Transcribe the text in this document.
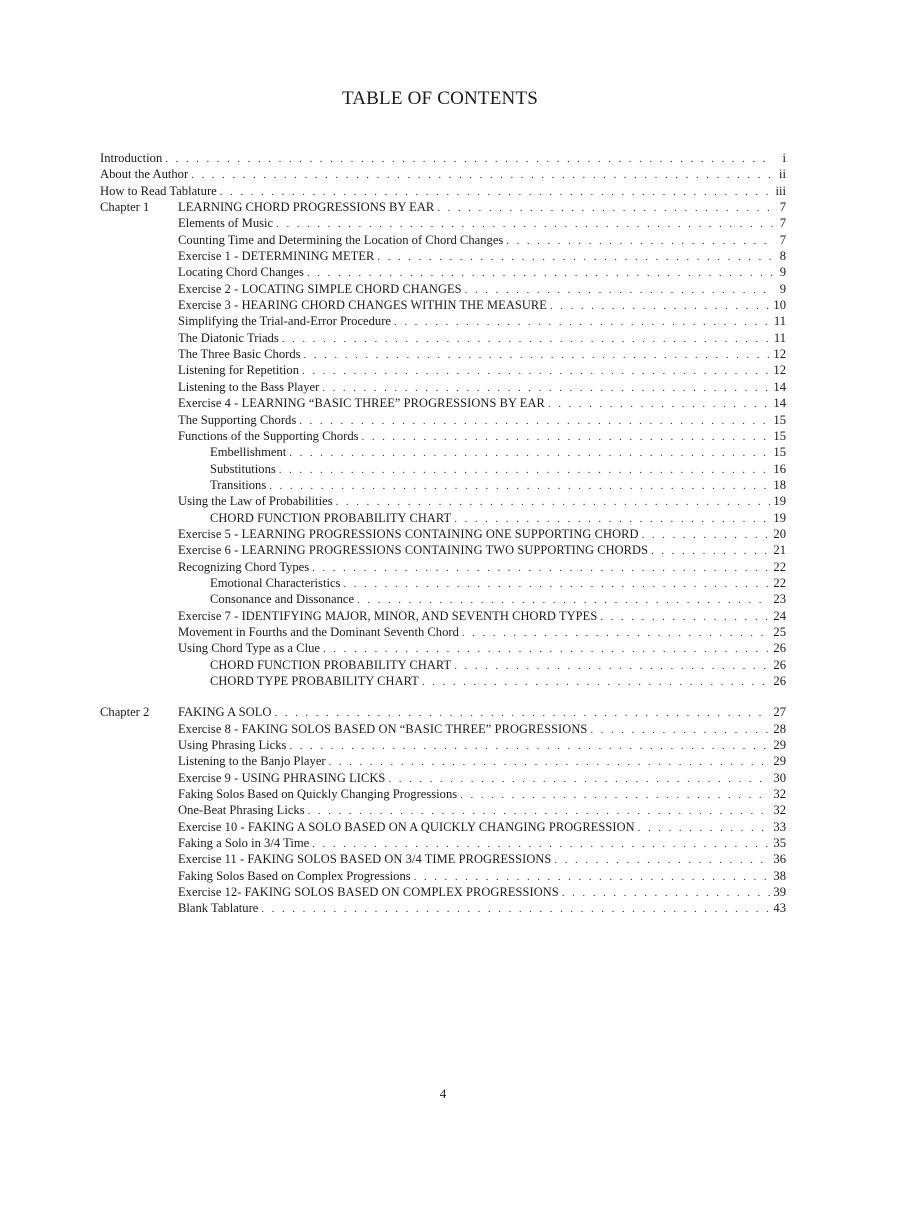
TABLE OF CONTENTS
Introduction . . .	i
About the Author . . .	ii
How to Read Tablature . . .	iii
Chapter 1	LEARNING CHORD PROGRESSIONS BY EAR . . .	7
Elements of Music . . .	7
Counting Time and Determining the Location of Chord Changes . . .	7
Exercise 1 - DETERMINING METER . . .	8
Locating Chord Changes . . .	9
Exercise 2 - LOCATING SIMPLE CHORD CHANGES . . .	9
Exercise 3 - HEARING CHORD CHANGES WITHIN THE MEASURE . . .	10
Simplifying the Trial-and-Error Procedure . . .	11
The Diatonic Triads . . .	11
The Three Basic Chords . . .	12
Listening for Repetition . . .	12
Listening to the Bass Player . . .	14
Exercise 4 - LEARNING “BASIC THREE” PROGRESSIONS BY EAR . . .	14
The Supporting Chords . . .	15
Functions of the Supporting Chords . . .	15
Embellishment . . .	15
Substitutions . . .	16
Transitions . . .	18
Using the Law of Probabilities . . .	19
CHORD FUNCTION PROBABILITY CHART . . .	19
Exercise 5 - LEARNING PROGRESSIONS CONTAINING ONE SUPPORTING CHORD . . .	20
Exercise 6 - LEARNING PROGRESSIONS CONTAINING TWO SUPPORTING CHORDS . . .	21
Recognizing Chord Types . . .	22
Emotional Characteristics . . .	22
Consonance and Dissonance . . .	23
Exercise 7 - IDENTIFYING MAJOR, MINOR, AND SEVENTH CHORD TYPES . . .	24
Movement in Fourths and the Dominant Seventh Chord . . .	25
Using Chord Type as a Clue . . .	26
CHORD FUNCTION PROBABILITY CHART . . .	26
CHORD TYPE PROBABILITY CHART . . .	26
Chapter 2	FAKING A SOLO . . .	27
Exercise 8 - FAKING SOLOS BASED ON “BASIC THREE” PROGRESSIONS . . .	28
Using Phrasing Licks . . .	29
Listening to the Banjo Player . . .	29
Exercise 9 - USING PHRASING LICKS . . .	30
Faking Solos Based on Quickly Changing Progressions . . .	32
One-Beat Phrasing Licks . . .	32
Exercise 10 - FAKING A SOLO BASED ON A QUICKLY CHANGING PROGRESSION . . .	33
Faking a Solo in 3/4 Time . . .	35
Exercise 11 - FAKING SOLOS BASED ON 3/4 TIME PROGRESSIONS . . .	36
Faking Solos Based on Complex Progressions . . .	38
Exercise 12- FAKING SOLOS BASED ON COMPLEX PROGRESSIONS . . .	39
Blank Tablature . . .	43
4
